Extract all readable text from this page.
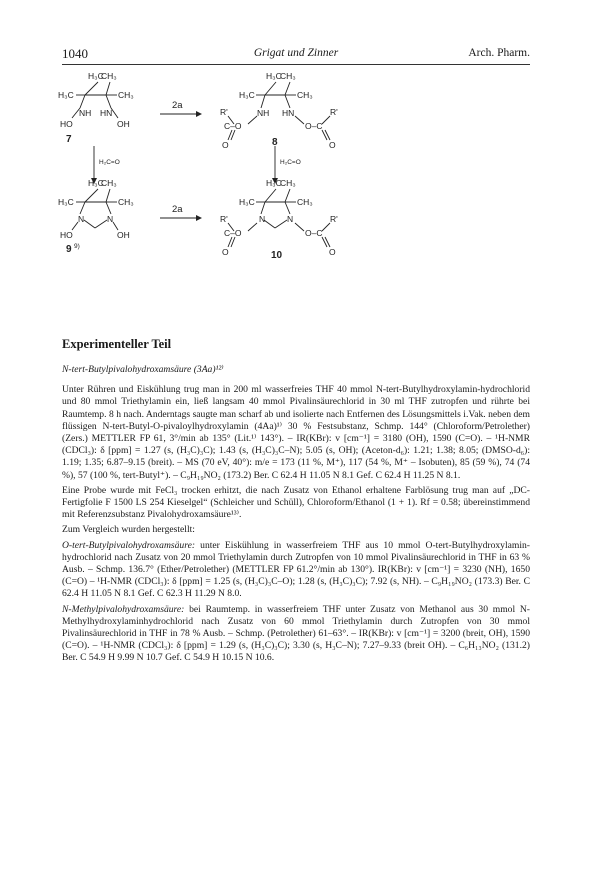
1040	Grigat und Zinner	Arch. Pharm.
H₃C
CH₃
H₃C	CH₃
NH HN
HO	OH
H₃C
CH₃
H₃C	CH₃
NH HN
R'
C–O
O
O–C
R'
O
H₃C
CH₃
H₃C	CH₃
N	N
HO	OH
H₃C
CH₃
H₃C	CH₃
N	N
R'
C–O
O
O–C
R'
O
7	8
9 9)
10
2a
2a
H₂C=O	H₂C=O
Experimenteller Teil

N-tert-Butylpivalohydroxamsäure (3Aa)¹²⁾

Unter Rühren und Eiskühlung trug man in 200 ml wasserfreies THF 40 mmol N-tert-Butylhydroxylamin-hydrochlorid und 80 mmol Triethylamin ein, ließ langsam 40 mmol Pivalinsäurechlorid in 30 ml THF zutropfen und rührte bei Raumtemp. 8 h nach. Anderntags saugte man scharf ab und isolierte nach Entfernen des Lösungsmittels i.Vak. neben dem flüssigen N-tert-Butyl-O-pivaloylhydroxylamin (4Aa)¹⁾ 30 % Festsubstanz, Schmp. 144° (Chloroform/Petrolether) (Zers.) METTLER FP 61, 3°/min ab 135° (Lit.¹⁾ 143°). – IR(KBr): v [cm⁻¹] = 3180 (OH), 1590 (C=O). – ¹H-NMR (CDCl₃): δ [ppm] = 1.27 (s, (H₃C)₃C); 1.43 (s, (H₃C)₃C–N); 5.05 (s, OH); (Aceton-d₆): 1.21; 1.38; 8.05; (DMSO-d₆): 1.19; 1.35; 6.87–9.15 (breit). – MS (70 eV, 40°): m/e = 173 (11 %, M⁺), 117 (54 %, M⁺ – Isobuten), 85 (59 %), 74 (74 %), 57 (100 %, tert-Butyl⁺). – C₉H₁₉NO₂ (173.2) Ber. C 62.4 H 11.05 N 8.1 Gef. C 62.4 H 11.25 N 8.1.

Eine Probe wurde mit FeCl₃ trocken erhitzt, die nach Zusatz von Ethanol erhaltene Farblösung trug man auf „DC-Fertigfolie F 1500 LS 254 Kieselgel“ (Schleicher und Schüll), Chloroform/Ethanol (1 + 1). Rf = 0.58; übereinstimmend mit Referenzsubstanz Pivalohydroxamsäure¹³⁾.

Zum Vergleich wurden hergestellt:

O-tert-Butylpivalohydroxamsäure: unter Eiskühlung in wasserfreiem THF aus 10 mmol O-tert-Butylhydroxylamin-hydrochlorid nach Zusatz von 20 mmol Triethylamin durch Zutropfen von 10 mmol Pivalinsäurechlorid in THF in 63 % Ausb. – Schmp. 136.7° (Ether/Petrolether) (METTLER FP 61.2°/min ab 130°). IR(KBr): v [cm⁻¹] = 3230 (NH), 1650 (C=O) – ¹H-NMR (CDCl₃): δ [ppm] = 1.25 (s, (H₃C)₃C–O); 1.28 (s, (H₃C)₃C); 7.92 (s, NH). – C₉H₁₉NO₂ (173.3) Ber. C 62.4 H 11.05 N 8.1 Gef. C 62.3 H 11.29 N 8.0.

N-Methylpivalohydroxamsäure: bei Raumtemp. in wasserfreiem THF unter Zusatz von Methanol aus 30 mmol N-Methylhydroxylaminhydrochlorid nach Zusatz von 60 mmol Triethylamin durch Zutropfen von 30 mmol Pivalinsäurechlorid in THF in 78 % Ausb. – Schmp. (Petrolether) 61–63°. – IR(KBr): v [cm⁻¹] = 3200 (breit, OH), 1590 (C=O). – ¹H-NMR (CDCl₃): δ [ppm] = 1.29 (s, (H₃C)₃C); 3.30 (s, H₃C–N); 7.27–9.33 (breit OH). – C₆H₁₃NO₂ (131.2) Ber. C 54.9 H 9.99 N 10.7 Gef. C 54.9 H 10.15 N 10.6.
